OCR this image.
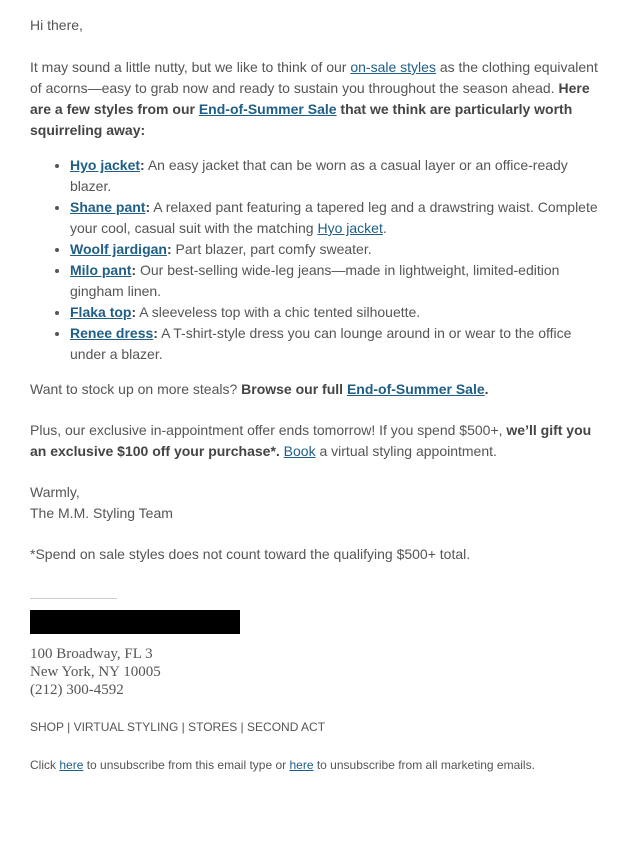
Hi there,

It may sound a little nutty, but we like to think of our on-sale styles as the clothing equivalent of acorns—easy to grab now and ready to sustain you throughout the season ahead. Here are a few styles from our End-of-Summer Sale that we think are particularly worth squirreling away:

• Hyo jacket: An easy jacket that can be worn as a casual layer or an office-ready blazer.
• Shane pant: A relaxed pant featuring a tapered leg and a drawstring waist. Complete your cool, casual suit with the matching Hyo jacket.
• Woolf jardigan: Part blazer, part comfy sweater.
• Milo pant: Our best-selling wide-leg jeans—made in lightweight, limited-edition gingham linen.
• Flaka top: A sleeveless top with a chic tented silhouette.
• Renee dress: A T-shirt-style dress you can lounge around in or wear to the office under a blazer.

Want to stock up on more steals? Browse our full End-of-Summer Sale.

Plus, our exclusive in-appointment offer ends tomorrow! If you spend $500+, we’ll gift you an exclusive $100 off your purchase*. Book a virtual styling appointment.

Warmly,
The M.M. Styling Team

*Spend on sale styles does not count toward the qualifying $500+ total.

100 Broadway, FL 3
New York, NY 10005
(212) 300-4592
SHOP | VIRTUAL STYLING | STORES | SECOND ACT
Click here to unsubscribe from this email type or here to unsubscribe from all marketing emails.
